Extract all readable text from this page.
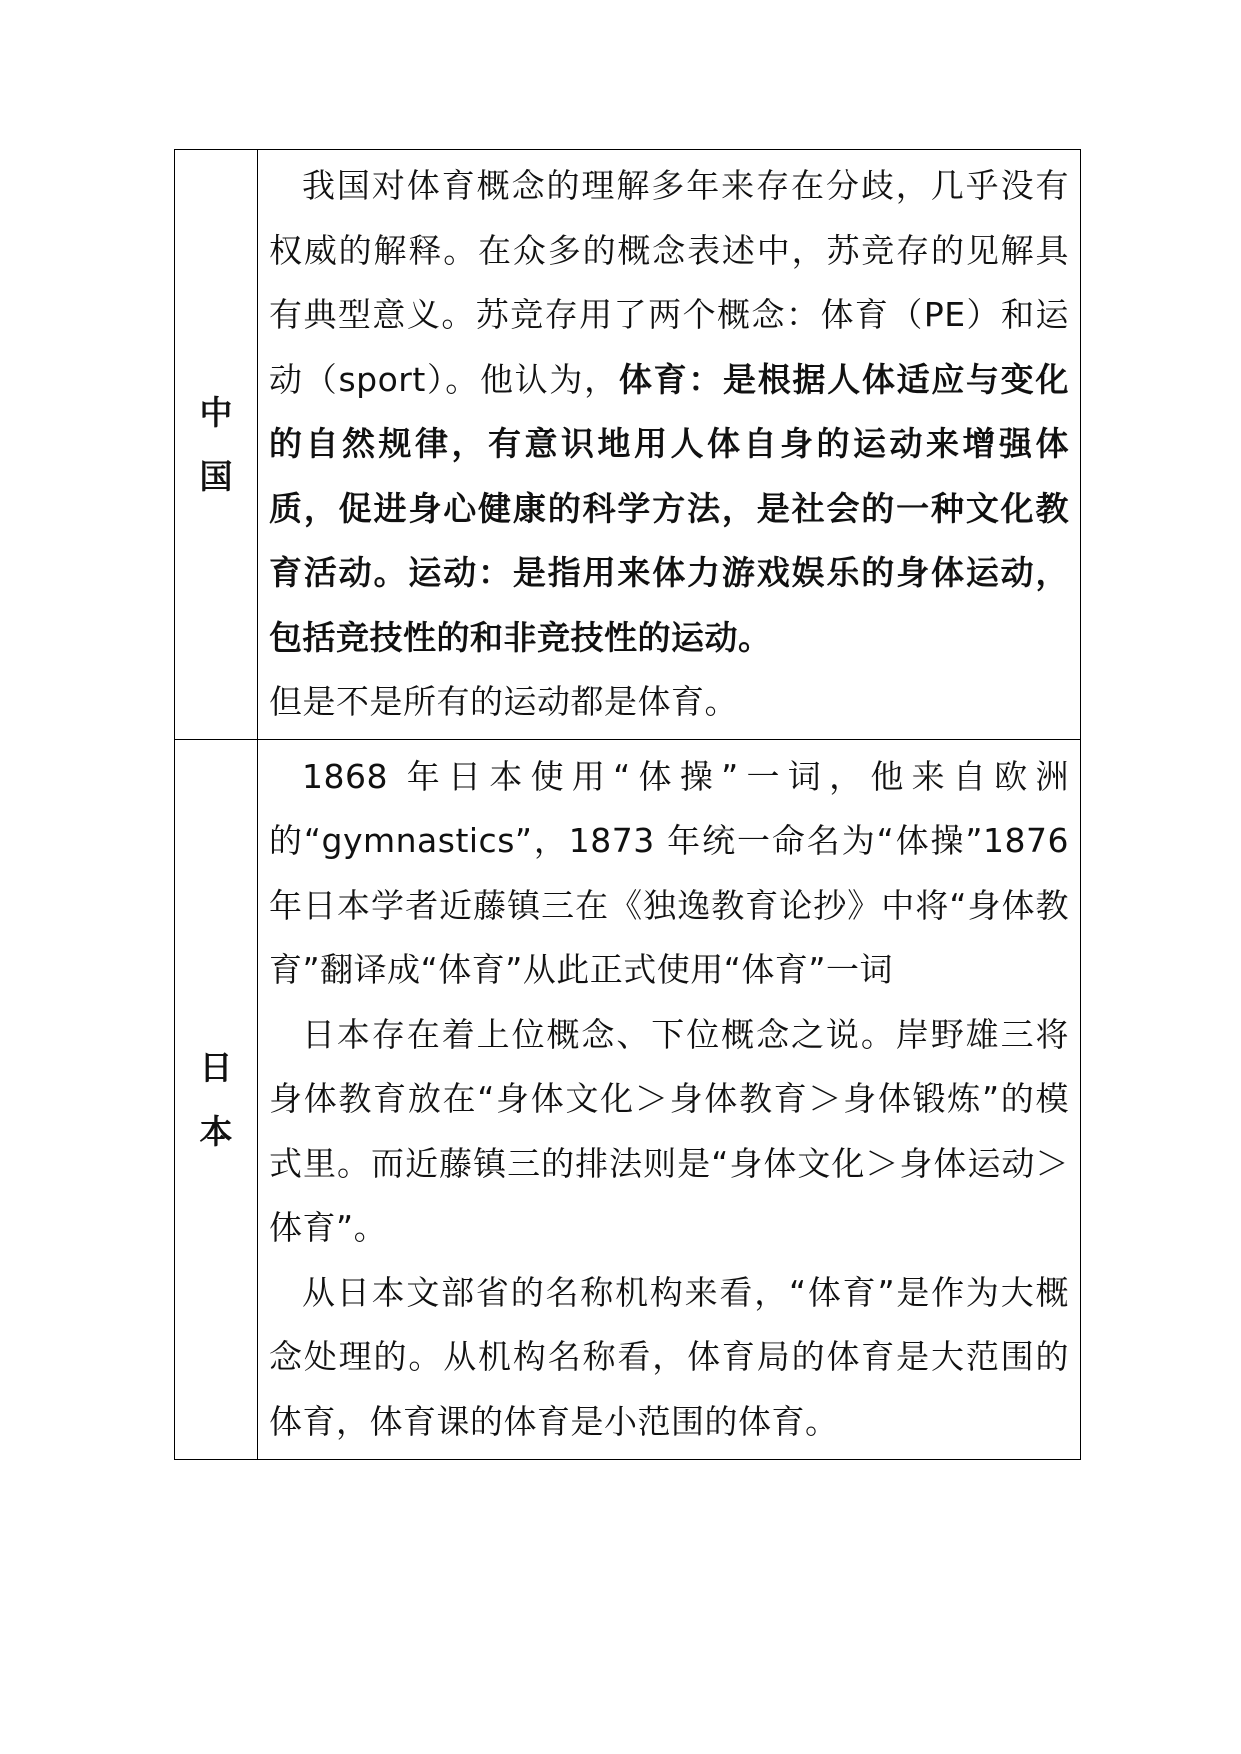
中国	我国对体育概念的理解多年来存在分歧，几乎没有权威的解释。在众多的概念表述中，苏竞存的见解具有典型意义。苏竞存用了两个概念：体育（PE）和运动（sport）。他认为，体育：是根据人体适应与变化的自然规律，有意识地用人体自身的运动来增强体质，促进身心健康的科学方法，是社会的一种文化教育活动。运动：是指用来体力游戏娱乐的身体运动，包括竞技性的和非竞技性的运动。

但是不是所有的运动都是体育。

日本	1868 年日本使用“体操”一词，他来自欧洲的“gymnastics”，1873 年统一命名为“体操”1876 年日本学者近藤镇三在《独逸教育论抄》中将“身体教育”翻译成“体育”从此正式使用“体育”一词

日本存在着上位概念、下位概念之说。岸野雄三将身体教育放在“身体文化＞身体教育＞身体锻炼”的模式里。而近藤镇三的排法则是“身体文化＞身体运动＞体育”。

从日本文部省的名称机构来看，“体育”是作为大概念处理的。从机构名称看，体育局的体育是大范围的体育，体育课的体育是小范围的体育。
